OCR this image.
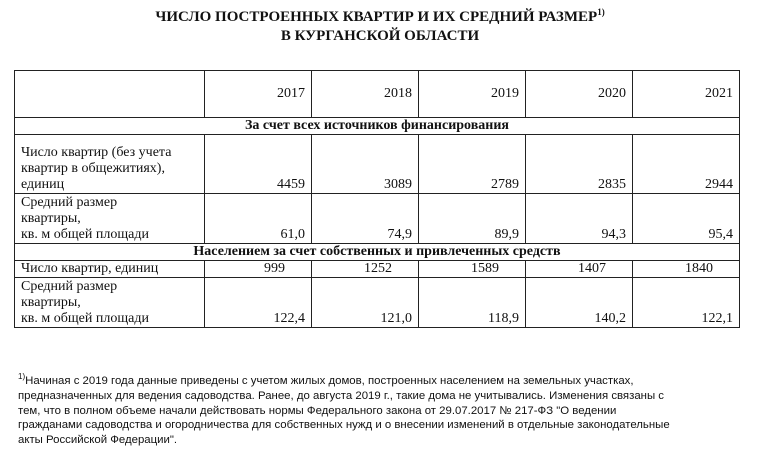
ЧИСЛО ПОСТРОЕННЫХ КВАРТИР И ИХ СРЕДНИЙ РАЗМЕР$^{1)}$
В КУРГАНСКОЙ ОБЛАСТИ
	2017	2018	2019	2020	2021
За счет всех источников финансирования					

Число квартир (без учета
квартир в общежитиях),
единиц	4459	3089	2789	2835	2944

Средний размер
квартиры,
кв. м общей площади	61,0	74,9	89,9	94,3	95,4
Населением за счет собственных и привлеченных средств					

Число квартир, единиц	999	1252	1589	1407	1840

Средний размер
квартиры,
кв. м общей площади	122,4	121,0	118,9	140,2	122,1
$^{1)}$Начиная с 2019 года данные приведены с учетом жилых домов, построенных населением на земельных участках,
предназначенных для ведения садоводства. Ранее, до августа 2019 г., такие дома не учитывались. Изменения связаны с
тем, что в полном объеме начали действовать нормы Федерального закона от 29.07.2017 № 217-ФЗ "О ведении
гражданами садоводства и огородничества для собственных нужд и о внесении изменений в отдельные законодательные
акты Российской Федерации".
